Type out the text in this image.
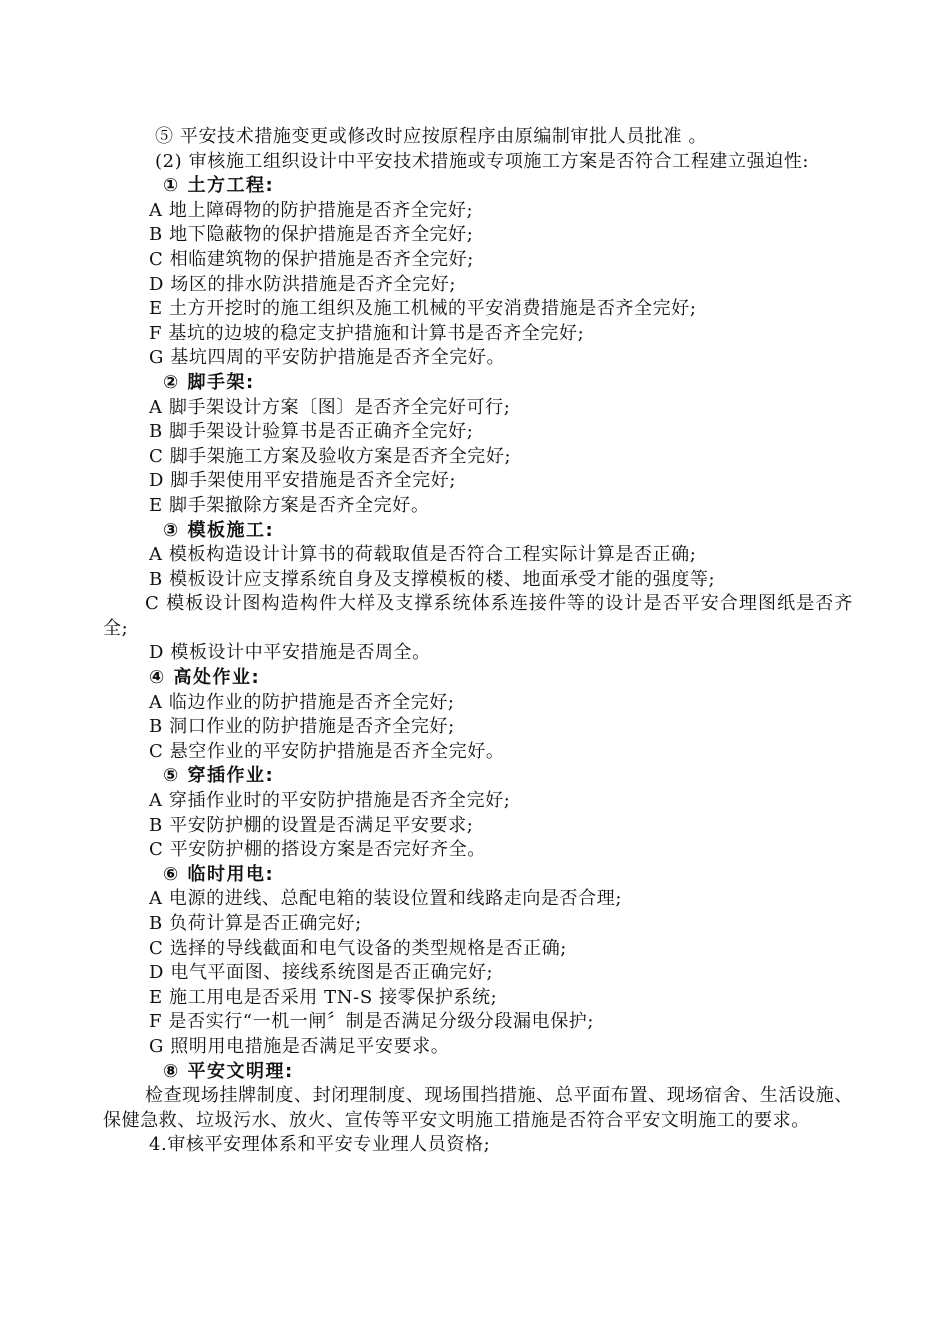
⑤ 平安技术措施变更或修改时应按原程序由原编制审批人员批准 。

(2) 审核施工组织设计中平安技术措施或专项施工方案是否符合工程建立强迫性:

① 土方工程:

A 地上障碍物的防护措施是否齐全完好;

B 地下隐蔽物的保护措施是否齐全完好;

C 相临建筑物的保护措施是否齐全完好;

D 场区的排水防洪措施是否齐全完好;

E 土方开挖时的施工组织及施工机械的平安消费措施是否齐全完好;

F 基坑的边坡的稳定支护措施和计算书是否齐全完好;

G 基坑四周的平安防护措施是否齐全完好。

② 脚手架:

A 脚手架设计方案〔图〕是否齐全完好可行;

B 脚手架设计验算书是否正确齐全完好;

C 脚手架施工方案及验收方案是否齐全完好;

D 脚手架使用平安措施是否齐全完好;

E 脚手架撤除方案是否齐全完好。

③ 模板施工:

A 模板构造设计计算书的荷载取值是否符合工程实际计算是否正确;

B 模板设计应支撑系统自身及支撑模板的楼、地面承受才能的强度等;

C 模板设计图构造构件大样及支撑系统体系连接件等的设计是否平安合理图纸是否齐全;

D 模板设计中平安措施是否周全。

④ 高处作业:

A 临边作业的防护措施是否齐全完好;

B 洞口作业的防护措施是否齐全完好;

C 悬空作业的平安防护措施是否齐全完好。

⑤ 穿插作业:

A 穿插作业时的平安防护措施是否齐全完好;

B 平安防护棚的设置是否满足平安要求;

C 平安防护棚的搭设方案是否完好齐全。

⑥ 临时用电:

A 电源的进线、总配电箱的装设位置和线路走向是否合理;

B 负荷计算是否正确完好;

C 选择的导线截面和电气设备的类型规格是否正确;

D 电气平面图、接线系统图是否正确完好;

E 施工用电是否采用 TN-S 接零保护系统;

F 是否实行“一机一闸〞制是否满足分级分段漏电保护;

G 照明用电措施是否满足平安要求。

⑧ 平安文明理:

检查现场挂牌制度、封闭理制度、现场围挡措施、总平面布置、现场宿舍、生活设施、保健急救、垃圾污水、放火、宣传等平安文明施工措施是否符合平安文明施工的要求。

4.审核平安理体系和平安专业理人员资格;
